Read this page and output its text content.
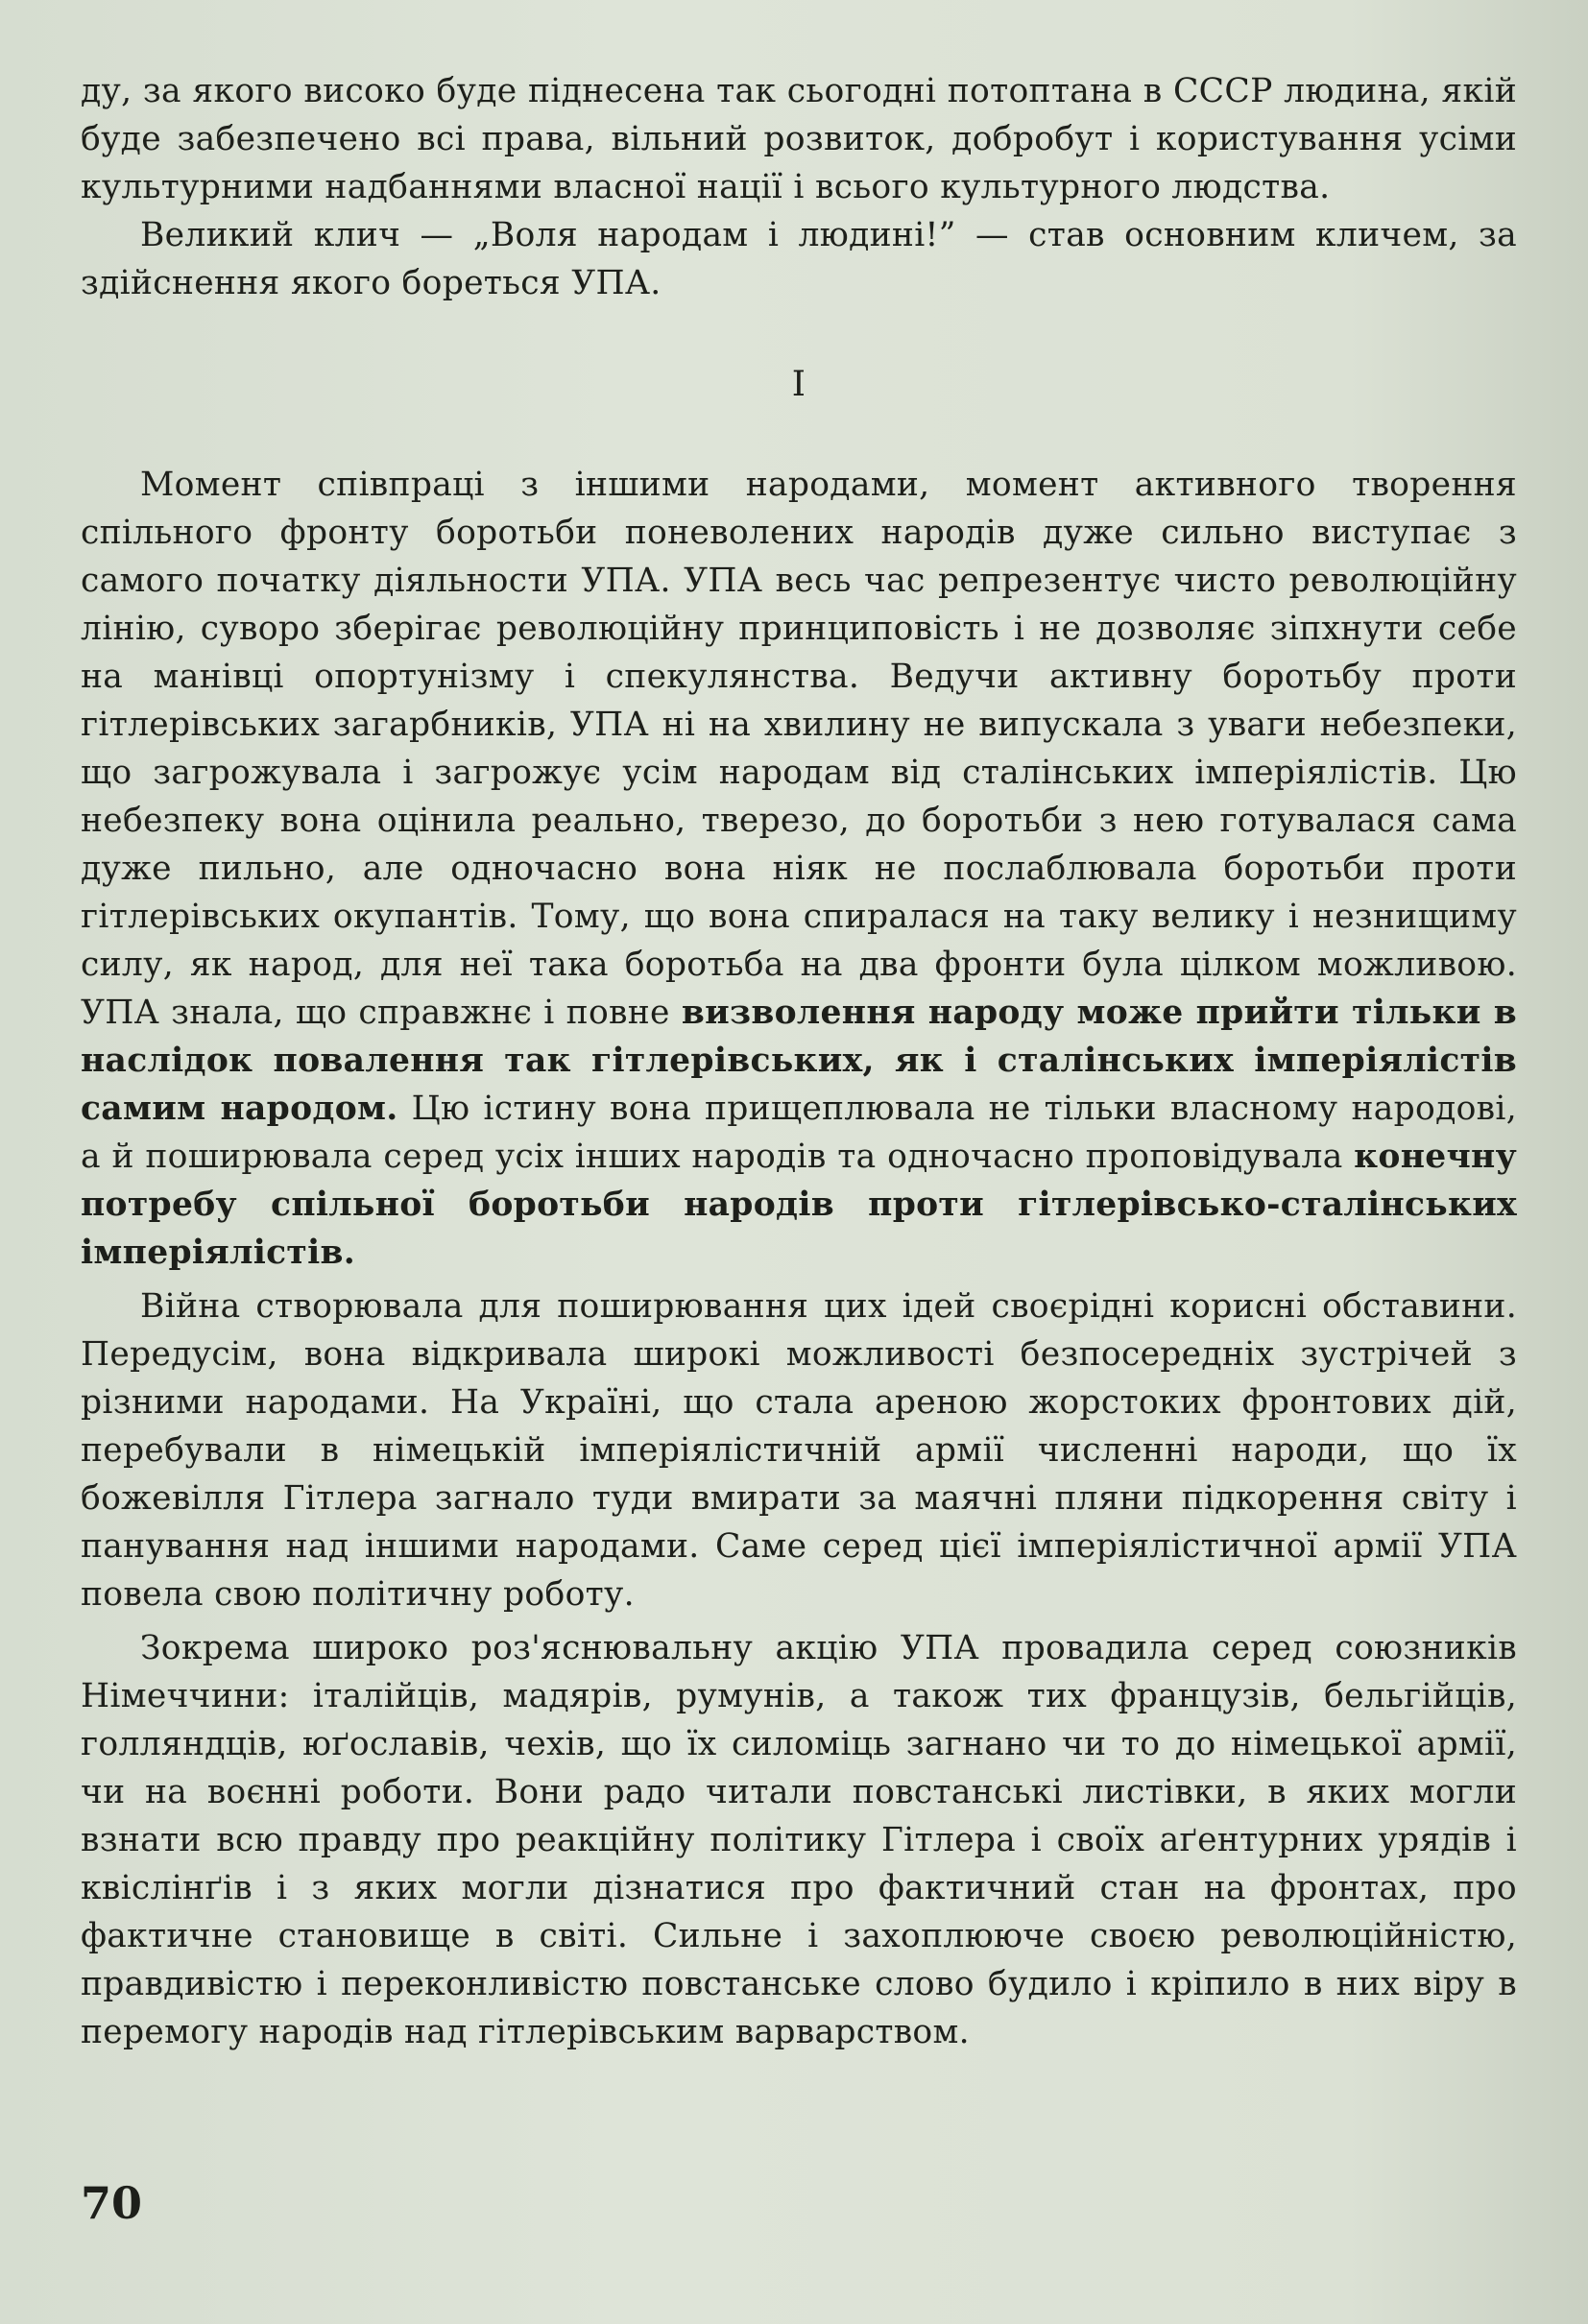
ду, за якого високо буде піднесена так сьогодні потоптана в СССР людина, якій буде забезпечено всі права, вільний розвиток, добробут і користування усіми культурними надбаннями власної нації і всього культурного людства.

Великий клич — „Воля народам і людині!” — став основним кличем, за здійснення якого бореться УПА.

I

Момент співпраці з іншими народами, момент активного творення спільного фронту боротьби поневолених народів дуже сильно виступає з самого початку діяльности УПА. УПА весь час репрезентує чисто революційну лінію, суворо зберігає революційну принциповість і не дозволяє зіпхнути себе на манівці опортунізму і спекулянства. Ведучи активну боротьбу проти гітлерівських загарбників, УПА ні на хвилину не випускала з уваги небезпеки, що загрожувала і загрожує усім народам від сталінських імперіялістів. Цю небезпеку вона оцінила реально, тверезо, до боротьби з нею готувалася сама дуже пильно, але одночасно вона ніяк не послаблювала боротьби проти гітлерівських окупантів. Тому, що вона спиралася на таку велику і незнищиму силу, як народ, для неї така боротьба на два фронти була цілком можливою. УПА знала, що справжнє і повне визволення народу може прийти тільки в наслідок повалення так гітлерівських, як і сталінських імперіялістів самим народом. Цю істину вона прищеплювала не тільки власному народові, а й поширювала серед усіх інших народів та одночасно проповідувала конечну потребу спільної боротьби народів проти гітлерівсько-сталінських імперіялістів.

Війна створювала для поширювання цих ідей своєрідні корисні обставини. Передусім, вона відкривала широкі можливості безпосередніх зустрічей з різними народами. На Україні, що стала ареною жорстоких фронтових дій, перебували в німецькій імперіялістичній армії численні народи, що їх божевілля Гітлера загнало туди вмирати за маячні пляни підкорення світу і панування над іншими народами. Саме серед цієї імперіялістичної армії УПА повела свою політичну роботу.

Зокрема широко роз'яснювальну акцію УПА провадила серед союзників Німеччини: італійців, мадярів, румунів, а також тих французів, бельгійців, голляндців, юґославів, чехів, що їх силоміць загнано чи то до німецької армії, чи на воєнні роботи. Вони радо читали повстанські листівки, в яких могли взнати всю правду про реакційну політику Гітлера і своїх аґентурних урядів і квіслінґів і з яких могли дізнатися про фактичний стан на фронтах, про фактичне становище в світі. Сильне і захоплююче своєю революційністю, правдивістю і переконливістю повстанське слово будило і кріпило в них віру в перемогу народів над гітлерівським варварством.

70
